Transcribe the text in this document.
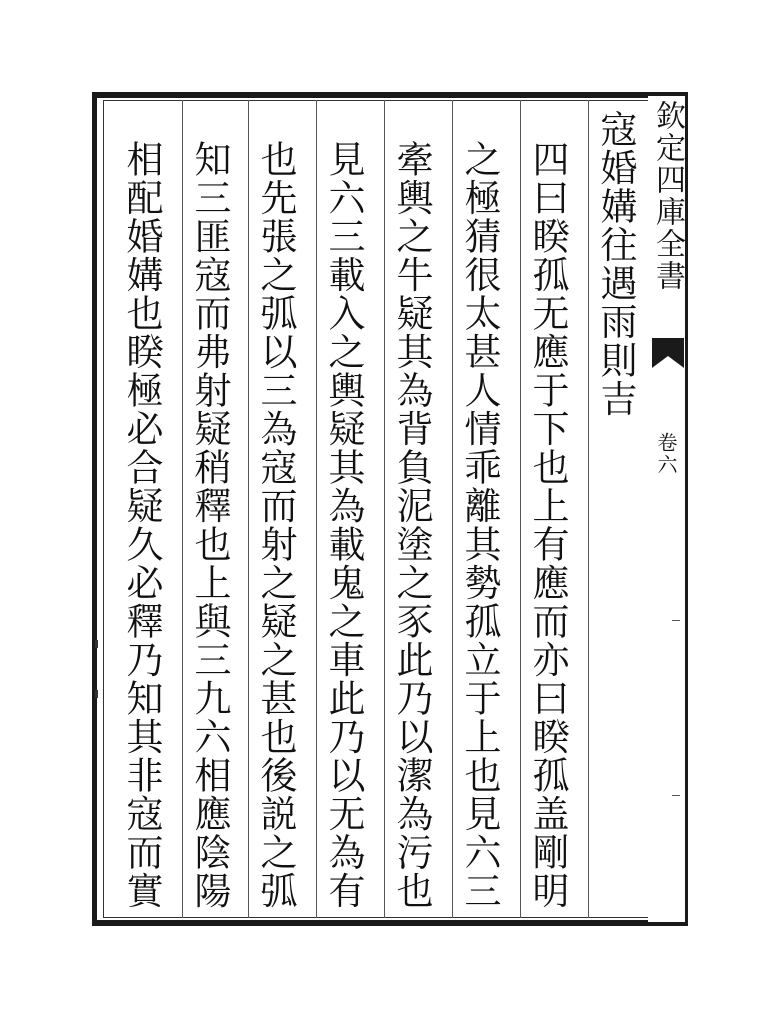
寇婚媾往遇雨則吉
四曰睽孤无應于下也上有應而亦曰睽孤盖剛明
之極猜很太甚人情乖離其勢孤立于上也見六三
牽輿之牛疑其為背負泥塗之豕此乃以潔為污也
見六三載入之輿疑其為載鬼之車此乃以无為有
也先張之弧以三為寇而射之疑之甚也後説之弧
知三匪寇而弗射疑稍釋也上與三九六相應陰陽
相配婚媾也睽極必合疑久必釋乃知其非寇而實	欽定四庫全書
卷六
